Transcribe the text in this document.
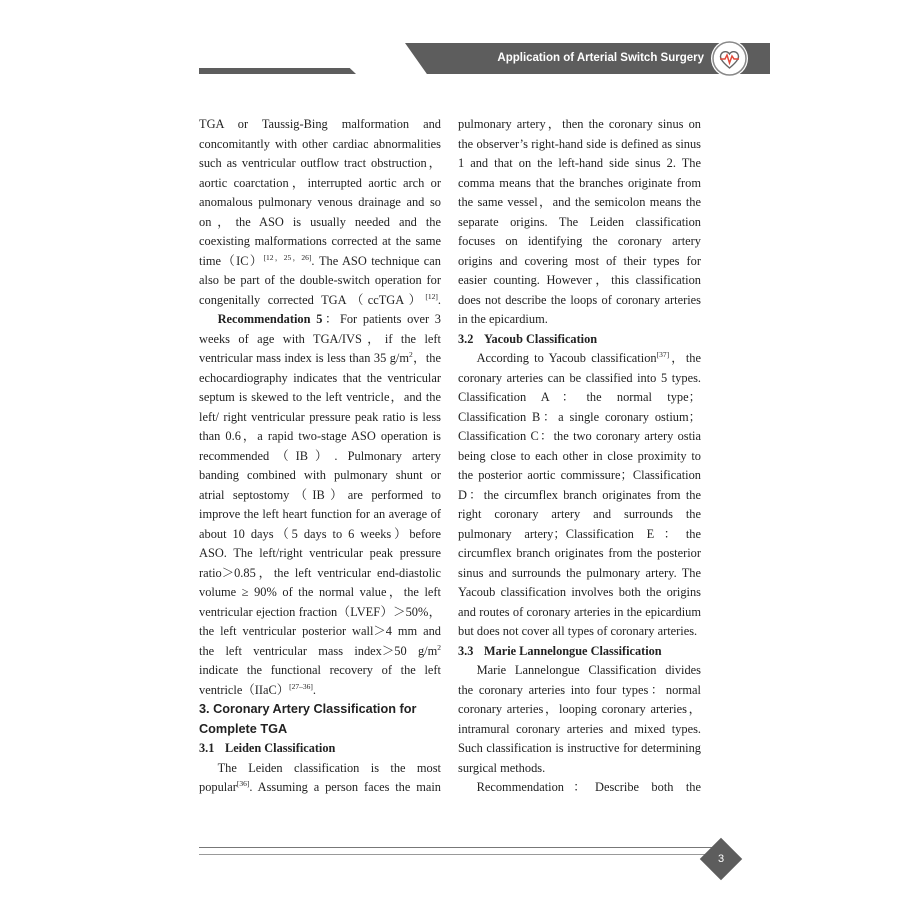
Application of Arterial Switch Surgery

TGA or Taussig-Bing malformation and concomitantly with other cardiac abnormalities such as ventricular outflow tract obstruction，aortic coarctation，interrupted aortic arch or anomalous pulmonary venous drainage and so on，the ASO is usually needed and the coexisting malformations corrected at the same time（IC）[12，25，26]. The ASO technique can also be part of the double-switch operation for congenitally corrected TGA（ccTGA）[12].

Recommendation 5：For patients over 3 weeks of age with TGA/IVS，if the left ventricular mass index is less than 35 $g/m^2$，the echocardiography indicates that the ventricular septum is skewed to the left ventricle，and the left/ right ventricular pressure peak ratio is less than 0.6，a rapid two-stage ASO operation is recommended（IB）. Pulmonary artery banding combined with pulmonary shunt or atrial septostomy（IB）are performed to improve the left heart function for an average of about 10 days（5 days to 6 weeks）before ASO. The left/right ventricular peak pressure ratio＞0.85，the left ventricular end-diastolic volume ≥ 90% of the normal value，the left ventricular ejection fraction（LVEF）＞50%，the left ventricular posterior wall＞4 mm and the left ventricular mass index＞50 $g/m^2$ indicate the functional recovery of the left ventricle（IIaC）[27–36].

3. Coronary Artery Classification for Complete TGA

3.1 Leiden Classification

The Leiden classification is the most popular[36]. Assuming a person faces the main

pulmonary artery，then the coronary sinus on the observer’s right-hand side is defined as sinus 1 and that on the left-hand side sinus 2. The comma means that the branches originate from the same vessel，and the semicolon means the separate origins. The Leiden classification focuses on identifying the coronary artery origins and covering most of their types for easier counting. However，this classification does not describe the loops of coronary arteries in the epicardium.

3.2 Yacoub Classification

According to Yacoub classification[37]，the coronary arteries can be classified into 5 types. Classification A：the normal type；Classification B：a single coronary ostium；Classification C：the two coronary artery ostia being close to each other in close proximity to the posterior aortic commissure；Classification D：the circumflex branch originates from the right coronary artery and surrounds the pulmonary artery；Classification E：the circumflex branch originates from the posterior sinus and surrounds the pulmonary artery. The Yacoub classification involves both the origins and routes of coronary arteries in the epicardium but does not cover all types of coronary arteries.

3.3 Marie Lannelongue Classification

Marie Lannelongue Classification divides the coronary arteries into four types：normal coronary arteries，looping coronary arteries，intramural coronary arteries and mixed types. Such classification is instructive for determining surgical methods.

Recommendation：Describe both the

3
